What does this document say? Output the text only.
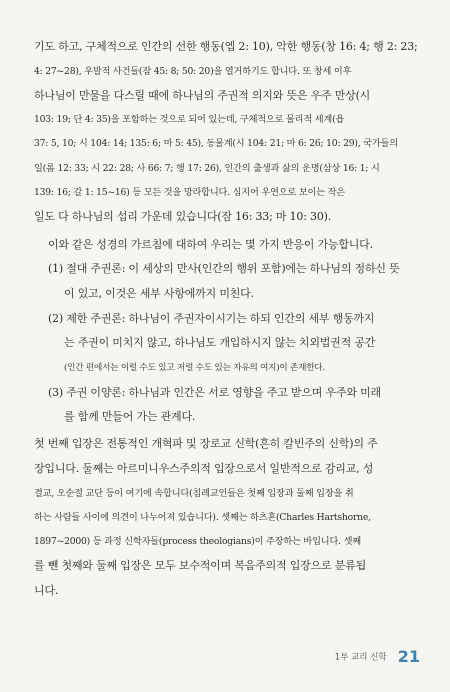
기도 하고, 구체적으로 인간의 선한 행동(엡 2: 10), 악한 행동(창 16: 4; 행 2: 23;
4: 27~28), 우발적 사건들(잠 45: 8; 50: 20)을 열거하기도 합니다. 또 창세 이후
하나님이 만물을 다스릴 때에 하나님의 주권적 의지와 뜻은 우주 만상(시
103: 19; 단 4: 35)을 포함하는 것으로 되어 있는데, 구체적으로 물리적 세계(욥
37: 5, 10; 시 104: 14; 135: 6; 마 5: 45), 동물계(시 104: 21; 마 6: 26; 10: 29), 국가들의
일(롬 12: 33; 시 22: 28; 사 66: 7; 행 17: 26), 인간의 출생과 삶의 운명(삼상 16: 1; 시
139: 16; 갈 1: 15~16) 등 모든 것을 망라합니다. 심지어 우연으로 보이는 작은
일도 다 하나님의 섭리 가운데 있습니다(잠 16: 33; 마 10: 30).
이와 같은 성경의 가르침에 대하여 우리는 몇 가지 반응이 가능합니다.
(1) 절대 주권론: 이 세상의 만사(인간의 행위 포함)에는 하나님의 정하신 뜻
이 있고, 이것은 세부 사항에까지 미친다.
(2) 제한 주권론: 하나님이 주권자이시기는 하되 인간의 세부 행동까지
는 주권이 미치지 않고, 하나님도 개입하시지 않는 치외법권적 공간
(인간 편에서는 이럴 수도 있고 저럴 수도 있는 자유의 여지)이 존재한다.
(3) 주권 이양론: 하나님과 인간은 서로 영향을 주고 받으며 우주와 미래
를 함께 만들어 가는 관계다.
첫 번째 입장은 전통적인 개혁파 및 장로교 신학(흔히 칼빈주의 신학)의 주
장입니다. 둘째는 아르미니우스주의적 입장으로서 일반적으로 감리교, 성
결교, 오순절 교단 등이 여기에 속합니다(침례교인들은 첫째 입장과 둘째 입장을 취
하는 사람들 사이에 의견이 나누어져 있습니다). 셋째는 하츠혼(Charles Hartshorne,
1897~2000) 등 과정 신학자들(process theologians)이 주장하는 바입니다. 셋째
를 뺀 첫째와 둘째 입장은 모두 보수적이며 복음주의적 입장으로 분류됩
니다.
1부 교리 신학 21
